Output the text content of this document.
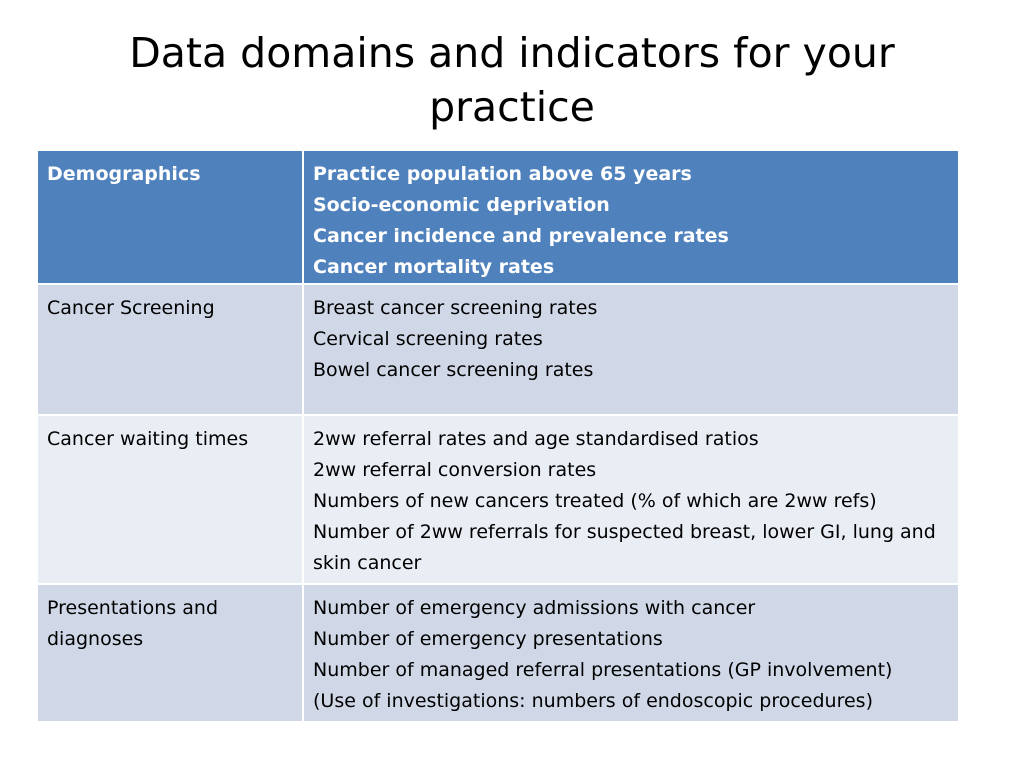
Data domains and indicators for your practice
Demographics	Practice population above 65 years
Socio-economic deprivation
Cancer incidence and prevalence rates
Cancer mortality rates

Cancer Screening	Breast cancer screening rates
Cervical screening rates
Bowel cancer screening rates

Cancer waiting times	2ww referral rates and age standardised ratios
2ww referral conversion rates
Numbers of new cancers treated (% of which are 2ww refs)
Number of 2ww referrals for suspected breast, lower GI, lung and skin cancer

Presentations and diagnoses	Number of emergency admissions with cancer
Number of emergency presentations
Number of managed referral presentations (GP involvement)
(Use of investigations: numbers of endoscopic procedures)
